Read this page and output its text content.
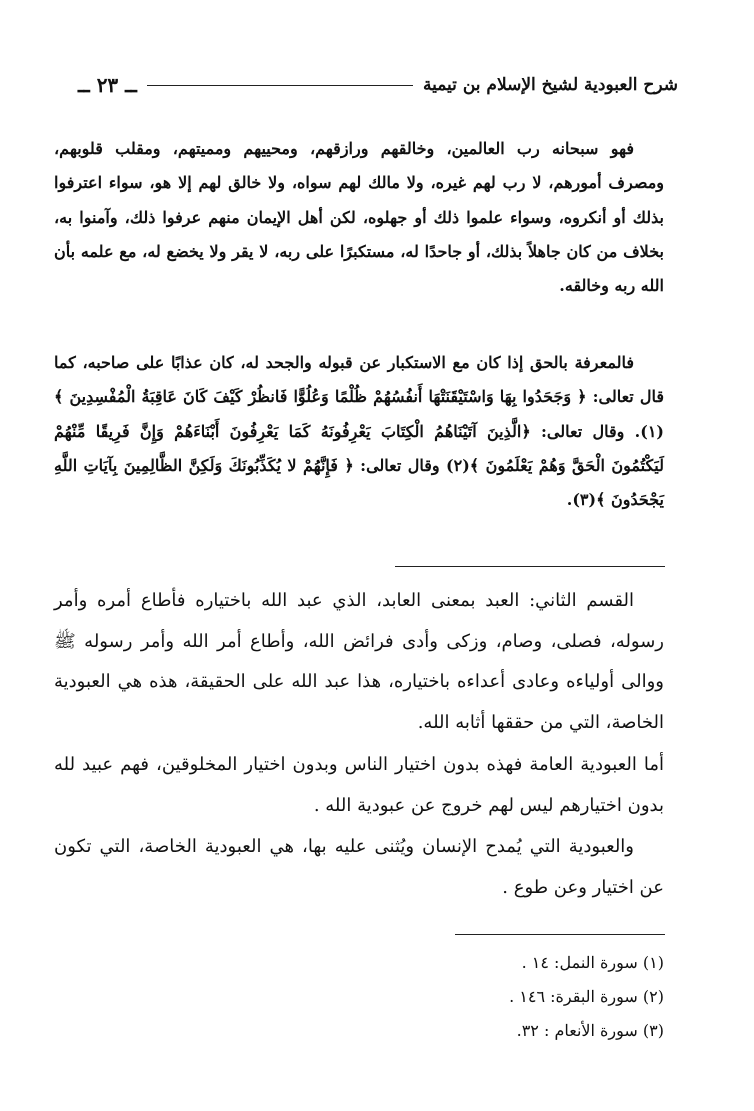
شرح العبودية لشيخ الإسلام بن تيمية
ــ ٢٣ ــ

فهو سبحانه رب العالمين، وخالقهم ورازقهم، ومحييهم ومميتهم، ومقلب قلوبهم، ومصرف أمورهم، لا رب لهم غيره، ولا مالك لهم سواه، ولا خالق لهم إلا هو، سواء اعترفوا بذلك أو أنكروه، وسواء علموا ذلك أو جهلوه، لكن أهل الإيمان منهم عرفوا ذلك، وآمنوا به، بخلاف من كان جاهلاً بذلك، أو جاحدًا له، مستكبرًا على ربه، لا يقر ولا يخضع له، مع علمه بأن الله ربه وخالقه.

فالمعرفة بالحق إذا كان مع الاستكبار عن قبوله والجحد له، كان عذابًا على صاحبه، كما قال تعالى: ﴿ وَجَحَدُوا بِهَا وَاسْتَيْقَنَتْهَا أَنفُسُهُمْ ظُلْمًا وَعُلُوًّا فَانظُرْ كَيْفَ كَانَ عَاقِبَةُ الْمُفْسِدِينَ ﴾(١). وقال تعالى: ﴿الَّذِينَ آتَيْنَاهُمُ الْكِتَابَ يَعْرِفُونَهُ كَمَا يَعْرِفُونَ أَبْنَاءَهُمْ وَإِنَّ فَرِيقًا مِّنْهُمْ لَيَكْتُمُونَ الْحَقَّ وَهُمْ يَعْلَمُونَ ﴾(٢) وقال تعالى: ﴿ فَإِنَّهُمْ لا يُكَذِّبُونَكَ وَلَكِنَّ الظَّالِمِينَ بِآيَاتِ اللَّهِ يَجْحَدُونَ ﴾(٣).

القسم الثاني: العبد بمعنى العابد، الذي عبد الله باختياره فأطاع أمره وأمر رسوله، فصلى، وصام، وزكى وأدى فرائض الله، وأطاع أمر الله وأمر رسوله ﷺ ووالى أولياءه وعادى أعداءه باختياره، هذا عبد الله على الحقيقة، هذه هي العبودية الخاصة، التي من حققها أثابه الله.

أما العبودية العامة فهذه بدون اختيار الناس وبدون اختيار المخلوقين، فهم عبيد لله بدون اختيارهم ليس لهم خروج عن عبودية الله .

والعبودية التي يُمدح الإنسان ويُثنى عليه بها، هي العبودية الخاصة، التي تكون عن اختيار وعن طوع .

(١) سورة النمل: ١٤ .
(٢) سورة البقرة: ١٤٦ .
(٣) سورة الأنعام : ٣٢.
